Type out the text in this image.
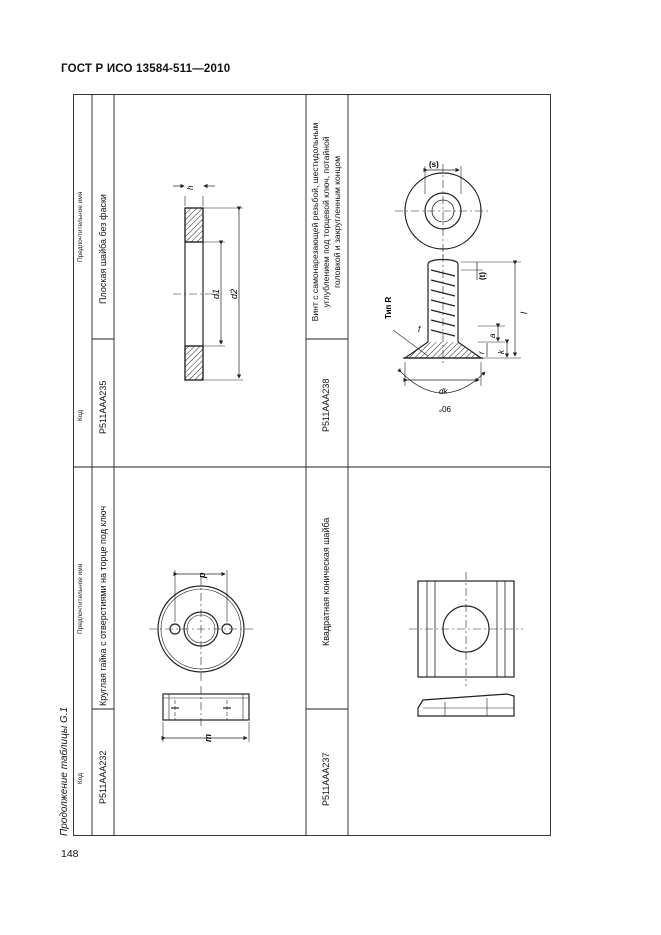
ГОСТ Р ИСО 13584-511—2010
Продолжение таблицы G.1
Предпочтительное имя
Код
Предпочтительное имя
Код
Плоская шайба без фаски
P511AAA235
Круглая гайка с отверстиями на торце под ключ
P511AAA232
Винт с самонарезающей резьбой, шестидольным углублением под торцевой ключ, потайной головкой и закругленным концом
P511AAA238
Квадратная коническая шайба
P511AAA237
h
d1 d2
p
m
(s)
Тип R
(t)
l
a
k
r
f
dk
90°
148
